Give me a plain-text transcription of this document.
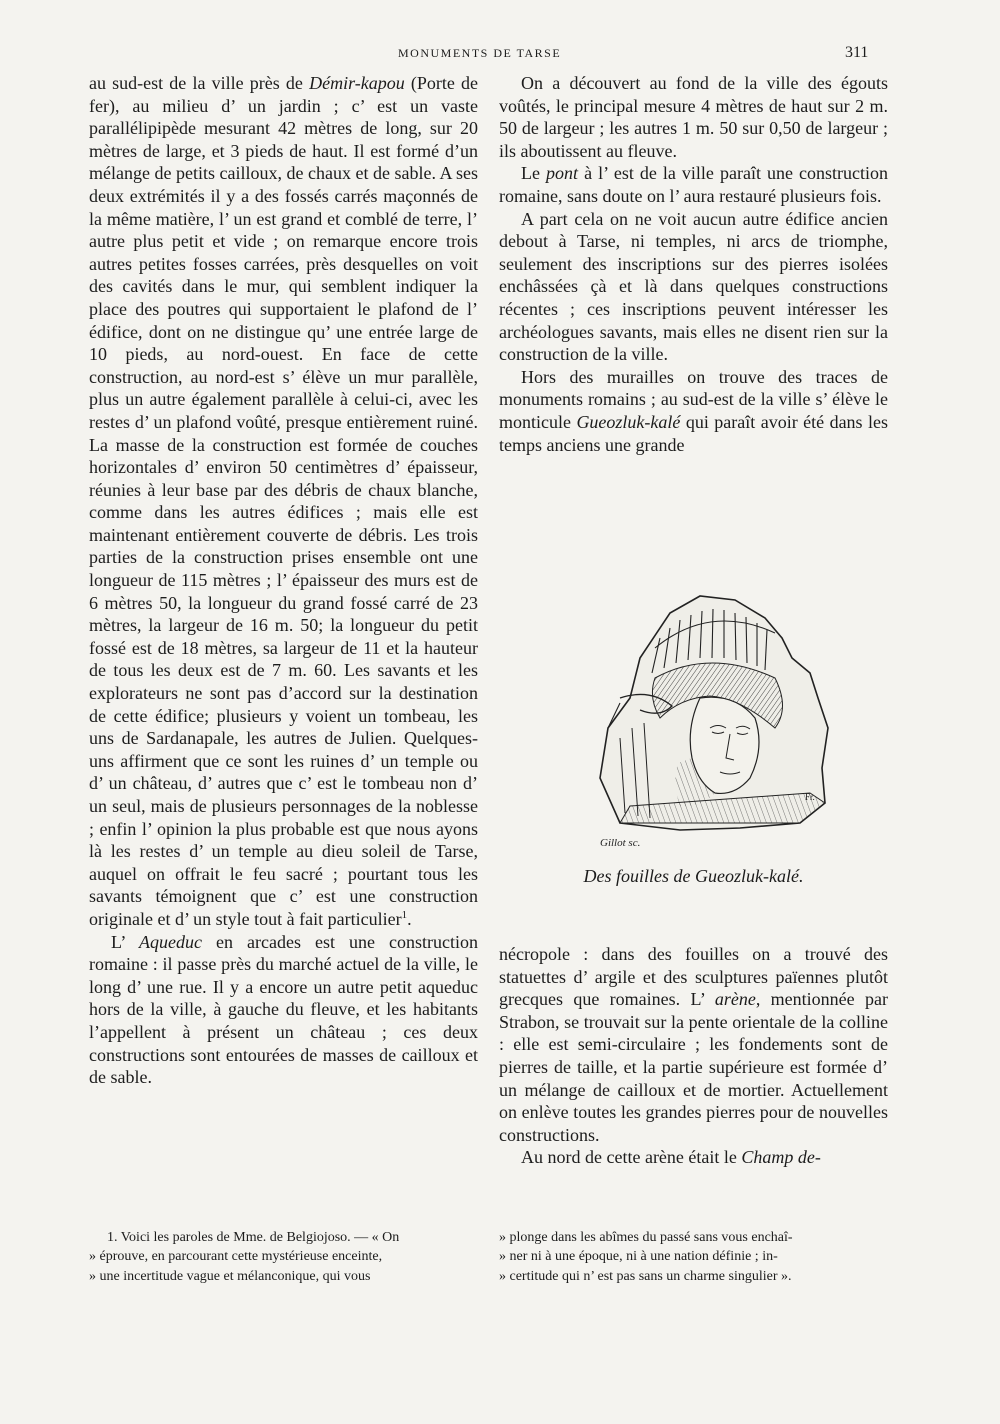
MONUMENTS DE TARSE	311

au sud-est de la ville près de Démir-kapou (Porte de fer), au milieu d’ un jardin ; c’ est un vaste parallélipipède mesurant 42 mètres de long, sur 20 mètres de large, et 3 pieds de haut. Il est formé d’un mélange de petits cailloux, de chaux et de sable. A ses deux extrémités il y a des fossés carrés maçonnés de la même matière, l’ un est grand et comblé de terre, l’ autre plus petit et vide ; on remarque encore trois autres petites fosses carrées, près desquelles on voit des cavités dans le mur, qui semblent indiquer la place des poutres qui supportaient le plafond de l’ édifice, dont on ne distingue qu’ une entrée large de 10 pieds, au nord-ouest. En face de cette construction, au nord-est s’ élève un mur parallèle, plus un autre également parallèle à celui-ci, avec les restes d’ un plafond voûté, presque entièrement ruiné. La masse de la construction est formée de couches horizontales d’ environ 50 centimètres d’ épaisseur, réunies à leur base par des débris de chaux blanche, comme dans les autres édifices ; mais elle est maintenant entièrement couverte de débris. Les trois parties de la construction prises ensemble ont une longueur de 115 mètres ; l’ épaisseur des murs est de 6 mètres 50, la longueur du grand fossé carré de 23 mètres, la largeur de 16 m. 50; la longueur du petit fossé est de 18 mètres, sa largeur de 11 et la hauteur de tous les deux est de 7 m. 60. Les savants et les explorateurs ne sont pas d’accord sur la destination de cette édifice; plusieurs y voient un tombeau, les uns de Sardanapale, les autres de Julien. Quelques-uns affirment que ce sont les ruines d’ un temple ou d’ un château, d’ autres que c’ est le tombeau non d’ un seul, mais de plusieurs personnages de la noblesse ; enfin l’ opinion la plus probable est que nous ayons là les restes d’ un temple au dieu soleil de Tarse, auquel on offrait le feu sacré ; pourtant tous les savants témoignent que c’ est une construction originale et d’ un style tout à fait particulier$^1$.

L’ Aqueduc en arcades est une construction romaine : il passe près du marché actuel de la ville, le long d’ une rue. Il y a encore un autre petit aqueduc hors de la ville, à gauche du fleuve, et les habitants l’appellent à présent un château ; ces deux constructions sont entourées de masses de cailloux et de sable.

On a découvert au fond de la ville des égouts voûtés, le principal mesure 4 mètres de haut sur 2 m. 50 de largeur ; les autres 1 m. 50 sur 0,50 de largeur ; ils aboutissent au fleuve.

Le pont à l’ est de la ville paraît une construction romaine, sans doute on l’ aura restauré plusieurs fois.

A part cela on ne voit aucun autre édifice ancien debout à Tarse, ni temples, ni arcs de triomphe, seulement des inscriptions sur des pierres isolées enchâssées çà et là dans quelques constructions récentes ; ces inscriptions peuvent intéresser les archéologues savants, mais elles ne disent rien sur la construction de la ville.

Hors des murailles on trouve des traces de monuments romains ; au sud-est de la ville s’ élève le monticule Gueozluk-kalé qui paraît avoir été dans les temps anciens une grande

Gillot sc.
Fr.
Des fouilles de Gueozluk-kalé.

nécropole : dans des fouilles on a trouvé des statuettes d’ argile et des sculptures païennes plutôt grecques que romaines. L’ arène, mentionnée par Strabon, se trouvait sur la pente orientale de la colline : elle est semi-circulaire ; les fondements sont de pierres de taille, et la partie supérieure est formée d’ un mélange de cailloux et de mortier. Actuellement on enlève toutes les grandes pierres pour de nouvelles constructions.

Au nord de cette arène était le Champ de-

1. Voici les paroles de Mme. de Belgiojoso. — « On

» éprouve, en parcourant cette mystérieuse enceinte,

» une incertitude vague et mélanconique, qui vous

» plonge dans les abîmes du passé sans vous enchaî-

» ner ni à une époque, ni à une nation définie ; in-

» certitude qui n’ est pas sans un charme singulier ».
